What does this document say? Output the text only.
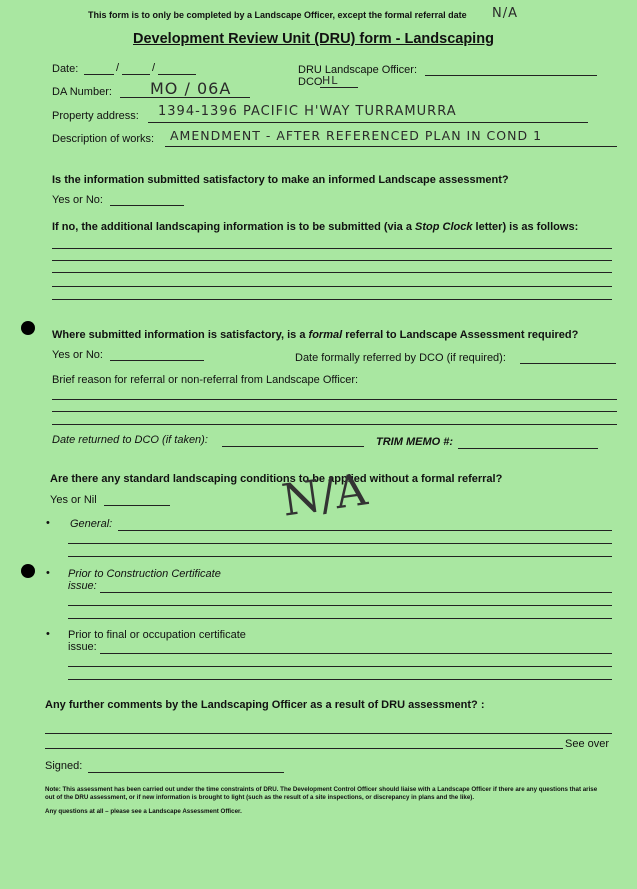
This form is to only be completed by a Landscape Officer, except the formal referral date N/A
Development Review Unit (DRU) form - Landscaping
Date:	/	/	DRU Landscape Officer:
DCO HL
DA Number: MO / 06A
Property address: 1394-1396 PACIFIC H'WAY TURRAMURRA
Description of works: AMENDMENT - AFTER REFERENCED PLAN IN COND 1
Is the information submitted satisfactory to make an informed Landscape assessment?
Yes or No:
If no, the additional landscaping information is to be submitted (via a Stop Clock letter) is as follows:
Where submitted information is satisfactory, is a formal referral to Landscape Assessment required?
Yes or No:	Date formally referred by DCO (if required):
Brief reason for referral or non-referral from Landscape Officer:
Date returned to DCO (if taken):	TRIM MEMO #:
Are there any standard landscaping conditions to be applied without a formal referral?
Yes or Nil	N/A
• General:
• Prior to Construction Certificate
issue:
• Prior to final or occupation certificate
issue:
Any further comments by the Landscaping Officer as a result of DRU assessment? :
See over
Signed:
Note: This assessment has been carried out under the time constraints of DRU. The Development Control Officer should liaise with a Landscape Officer if there are any questions that arise out of the DRU assessment, or if new information is brought to light (such as the result of a site inspections, or discrepancy in plans and the like).
Any questions at all – please see a Landscape Assessment Officer.
